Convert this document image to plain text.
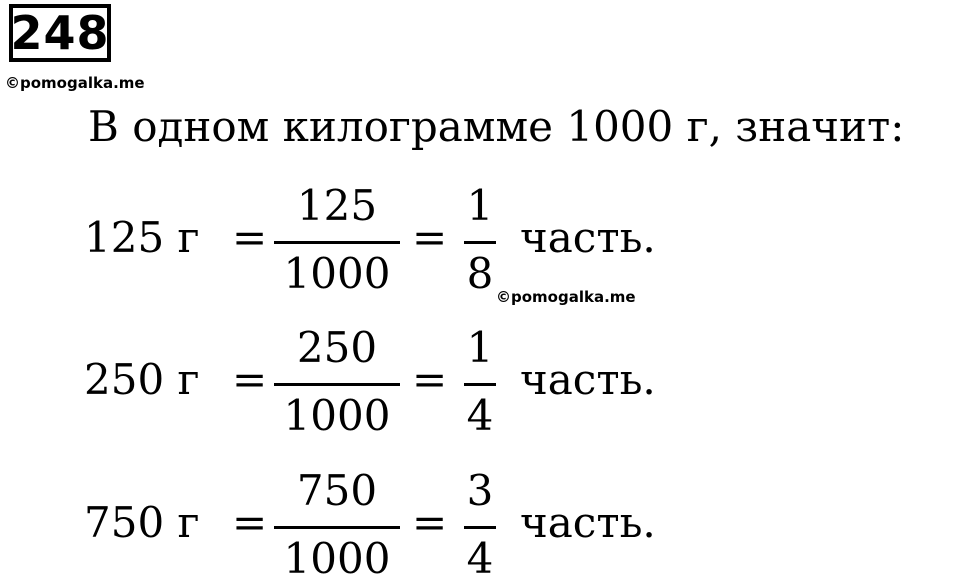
248
©pomogalka.me
В одном килограмме 1000 г, значит:
125 г =
125
1000
=
1
8
часть.
©pomogalka.me
250 г =
250
1000
=
1
4
часть.
750 г =
750
1000
=
3
4
часть.
